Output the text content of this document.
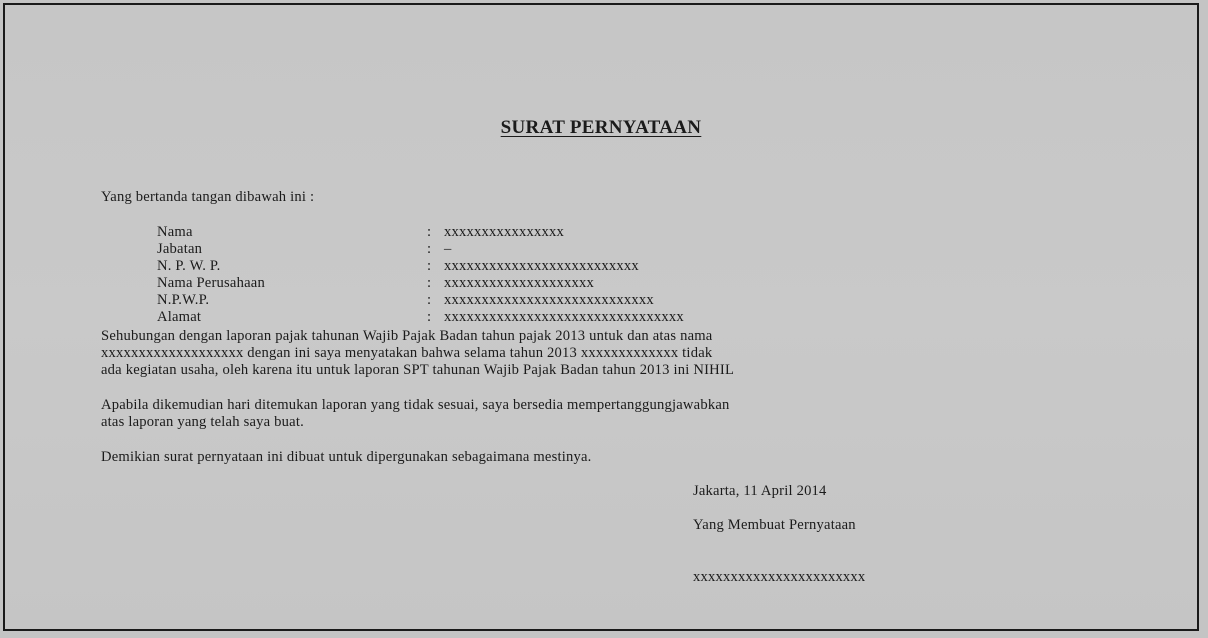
SURAT PERNYATAAN
Yang bertanda tangan dibawah ini :
Nama	: xxxxxxxxxxxxxxxx
Jabatan	: –
N. P. W. P.	: xxxxxxxxxxxxxxxxxxxxxxxxxx
Nama Perusahaan	: xxxxxxxxxxxxxxxxxxxx
N.P.W.P.	: xxxxxxxxxxxxxxxxxxxxxxxxxxxx
Alamat	: xxxxxxxxxxxxxxxxxxxxxxxxxxxxxxxx
Sehubungan dengan laporan pajak tahunan Wajib Pajak Badan tahun pajak 2013 untuk dan atas nama
xxxxxxxxxxxxxxxxxxx dengan ini saya menyatakan bahwa selama tahun 2013 xxxxxxxxxxxxx tidak
ada kegiatan usaha, oleh karena itu untuk laporan SPT tahunan Wajib Pajak Badan tahun 2013 ini NIHIL
Apabila dikemudian hari ditemukan laporan yang tidak sesuai, saya bersedia mempertanggungjawabkan
atas laporan yang telah saya buat.
Demikian surat pernyataan ini dibuat untuk dipergunakan sebagaimana mestinya.
Jakarta, 11 April 2014
Yang Membuat Pernyataan
xxxxxxxxxxxxxxxxxxxxxxx
